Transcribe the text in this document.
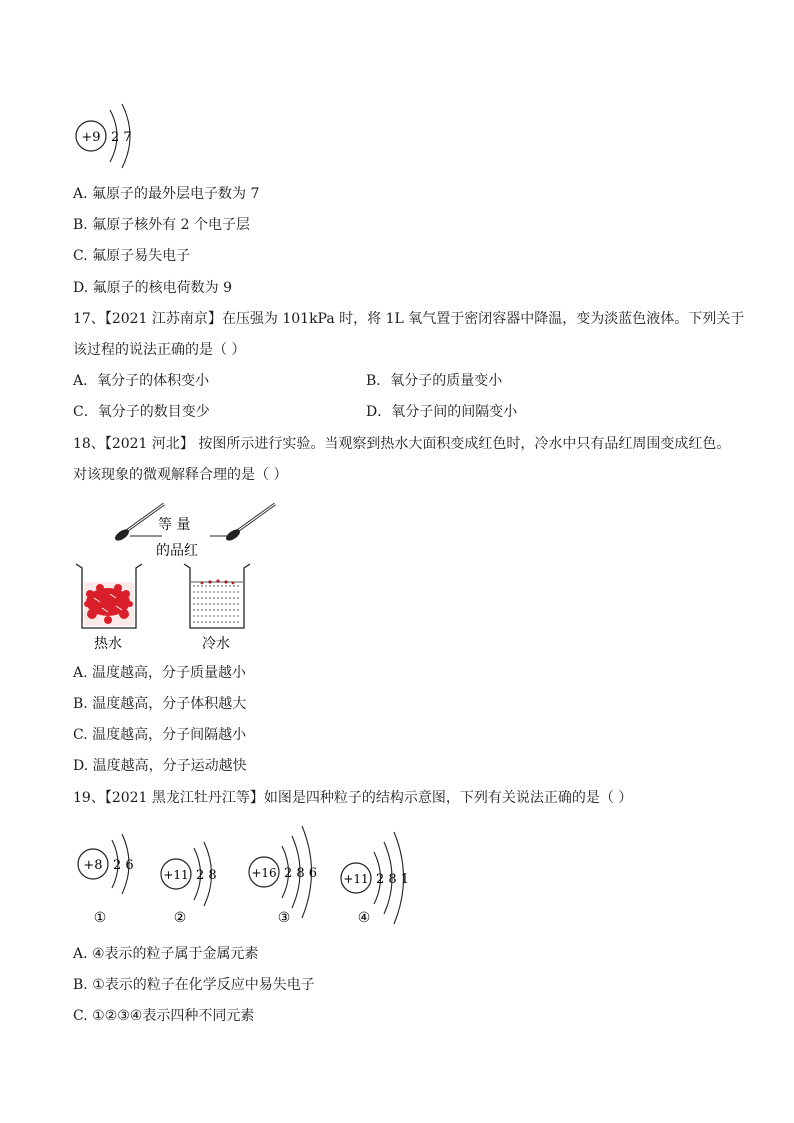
+9 2 7
A. 氟原子的最外层电子数为 7
B. 氟原子核外有 2 个电子层
C. 氟原子易失电子
D. 氟原子的核电荷数为 9
17、【2021 江苏南京】在压强为 101kPa 时，将 1L 氧气置于密闭容器中降温，变为淡蓝色液体。下列关于
该过程的说法正确的是（ ）
A．氧分子的体积变小	B．氧分子的质量变小
C．氧分子的数目变少	D．氧分子间的间隔变小
18、【2021 河北】 按图所示进行实验。当观察到热水大面积变成红色时，冷水中只有品红周围变成红色。
对该现象的微观解释合理的是（ ）
等 量
的品红
热水	冷水
A. 温度越高，分子质量越小
B. 温度越高，分子体积越大
C. 温度越高，分子间隔越小
D. 温度越高，分子运动越快
19、【2021 黑龙江牡丹江等】如图是四种粒子的结构示意图，下列有关说法正确的是（ ）
+8 2 6
①
+11 2 8
②
+16 2 8 6
③
+11 2 8 1
④
A. ④表示的粒子属于金属元素
B. ①表示的粒子在化学反应中易失电子
C. ①②③④表示四种不同元素
